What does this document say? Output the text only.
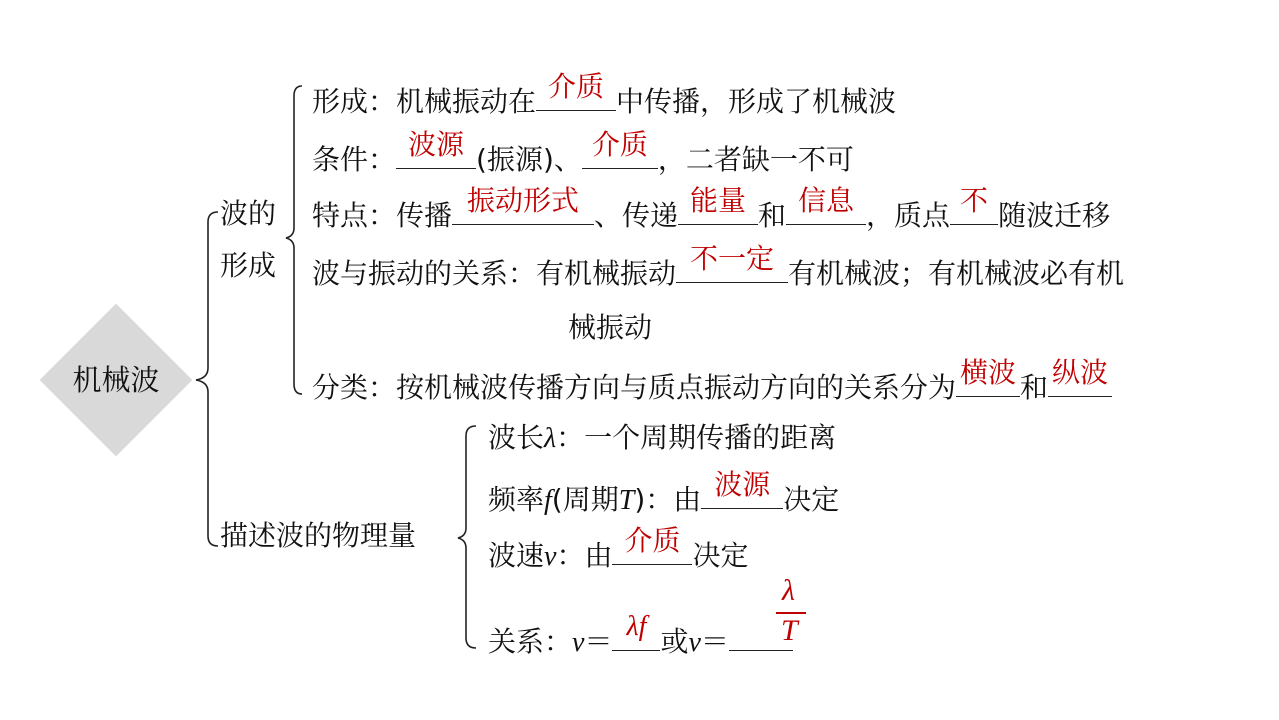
机械波
波的
形成
形成：机械振动在 介质 中传播，形成了机械波
条件： 波源 (振源)、 介质 ，二者缺一不可
特点：传播 振动形式 、传递 能量 和 信息 ，质点 不 随波迁移
波与振动的关系：有机械振动 不一定 有机械波；有机械波必有机
械振动
分类：按机械波传播方向与质点振动方向的关系分为 横波 和 纵波
描述波的物理量
波长λ：一个周期传播的距离
频率f(周期T)：由 波源 决定
波速v：由 介质 决定
关系：v＝ λf 或v＝
λ
T
